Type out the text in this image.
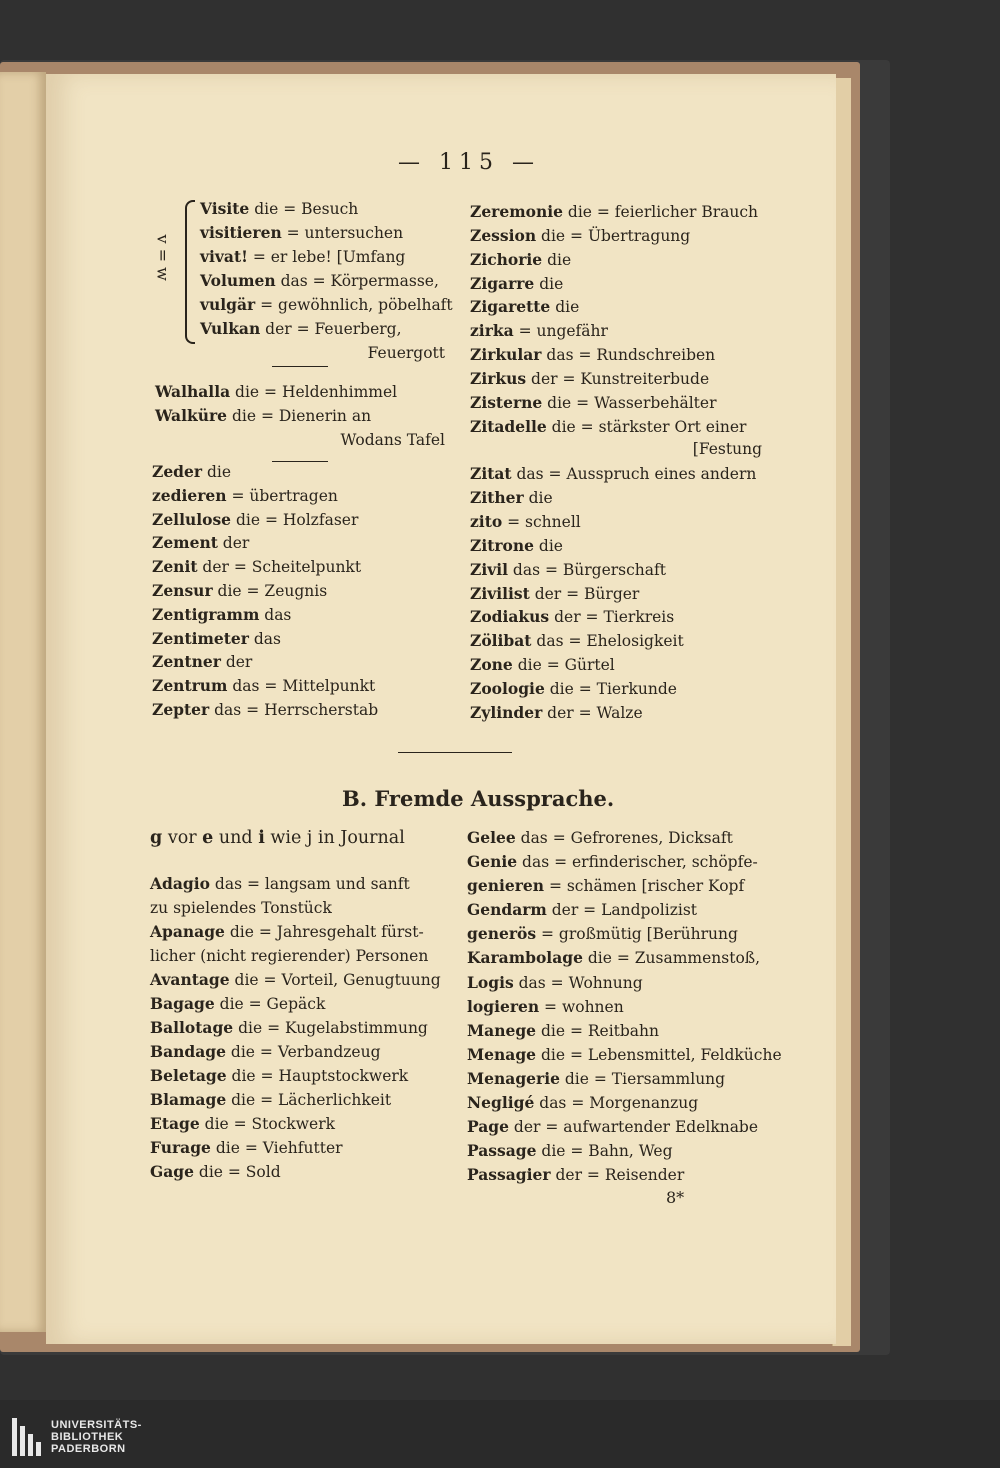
— 115 —
v = w
Visite die = Besuch
visitieren = untersuchen
vivat! = er lebe! [Umfang
Volumen das = Körpermasse,
vulgär = gewöhnlich, pöbelhaft
Vulkan der = Feuerberg,
Feuergott
Walhalla die = Heldenhimmel
Walküre die = Dienerin an
Wodans Tafel
Zeder die
zedieren = übertragen
Zellulose die = Holzfaser
Zement der
Zenit der = Scheitelpunkt
Zensur die = Zeugnis
Zentigramm das
Zentimeter das
Zentner der
Zentrum das = Mittelpunkt
Zepter das = Herrscherstab
Zeremonie die = feierlicher Brauch
Zession die = Übertragung
Zichorie die
Zigarre die
Zigarette die
zirka = ungefähr
Zirkular das = Rundschreiben
Zirkus der = Kunstreiterbude
Zisterne die = Wasserbehälter
Zitadelle die = stärkster Ort einer
[Festung
Zitat das = Ausspruch eines andern
Zither die
zito = schnell
Zitrone die
Zivil das = Bürgerschaft
Zivilist der = Bürger
Zodiakus der = Tierkreis
Zölibat das = Ehelosigkeit
Zone die = Gürtel
Zoologie die = Tierkunde
Zylinder der = Walze
B. Fremde Aussprache.
g vor e und i wie j in Journal
Adagio das = langsam und sanft
zu spielendes Tonstück
Apanage die = Jahresgehalt fürst-
licher (nicht regierender) Personen
Avantage die = Vorteil, Genugtuung
Bagage die = Gepäck
Ballotage die = Kugelabstimmung
Bandage die = Verbandzeug
Beletage die = Hauptstockwerk
Blamage die = Lächerlichkeit
Etage die = Stockwerk
Furage die = Viehfutter
Gage die = Sold
Gelee das = Gefrorenes, Dicksaft
Genie das = erfinderischer, schöpfe-
genieren = schämen [rischer Kopf
Gendarm der = Landpolizist
generös = großmütig [Berührung
Karambolage die = Zusammenstoß,
Logis das = Wohnung
logieren = wohnen
Manege die = Reitbahn
Menage die = Lebensmittel, Feldküche
Menagerie die = Tiersammlung
Negligé das = Morgenanzug
Page der = aufwartender Edelknabe
Passage die = Bahn, Weg
Passagier der = Reisender
8*
UNIVERSITÄTS-
BIBLIOTHEK
PADERBORN
